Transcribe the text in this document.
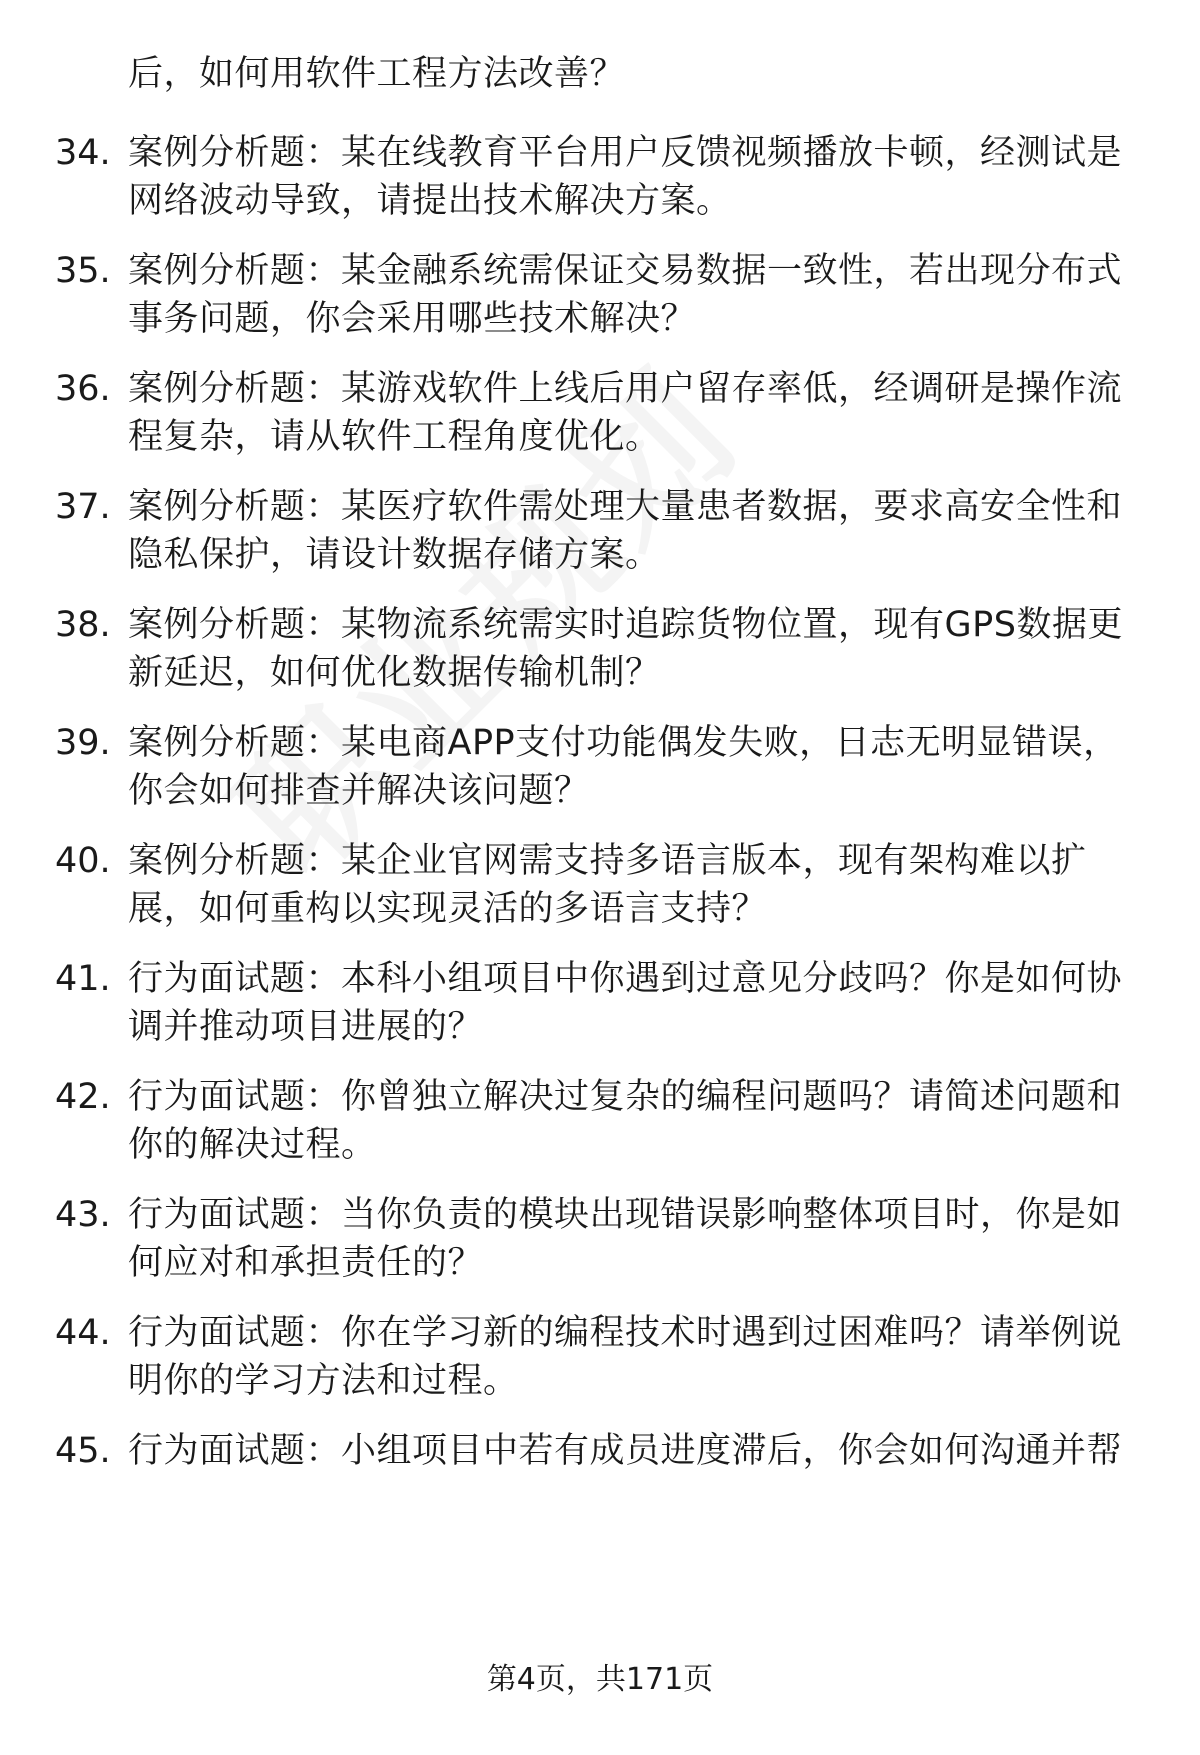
后，如何用软件工程方法改善？
34. 案例分析题：某在线教育平台用户反馈视频播放卡顿，经测试是
网络波动导致，请提出技术解决方案。
35. 案例分析题：某金融系统需保证交易数据一致性，若出现分布式
事务问题，你会采用哪些技术解决？
36. 案例分析题：某游戏软件上线后用户留存率低，经调研是操作流
程复杂，请从软件工程角度优化。
37. 案例分析题：某医疗软件需处理大量患者数据，要求高安全性和
隐私保护，请设计数据存储方案。
38. 案例分析题：某物流系统需实时追踪货物位置，现有GPS数据更
新延迟，如何优化数据传输机制？
39. 案例分析题：某电商APP支付功能偶发失败，日志无明显错误，
你会如何排查并解决该问题？
40. 案例分析题：某企业官网需支持多语言版本，现有架构难以扩
展，如何重构以实现灵活的多语言支持？
41. 行为面试题：本科小组项目中你遇到过意见分歧吗？你是如何协
调并推动项目进展的？
42. 行为面试题：你曾独立解决过复杂的编程问题吗？请简述问题和
你的解决过程。
43. 行为面试题：当你负责的模块出现错误影响整体项目时，你是如
何应对和承担责任的？
44. 行为面试题：你在学习新的编程技术时遇到过困难吗？请举例说
明你的学习方法和过程。
45. 行为面试题：小组项目中若有成员进度滞后，你会如何沟通并帮
第4页，共171页
